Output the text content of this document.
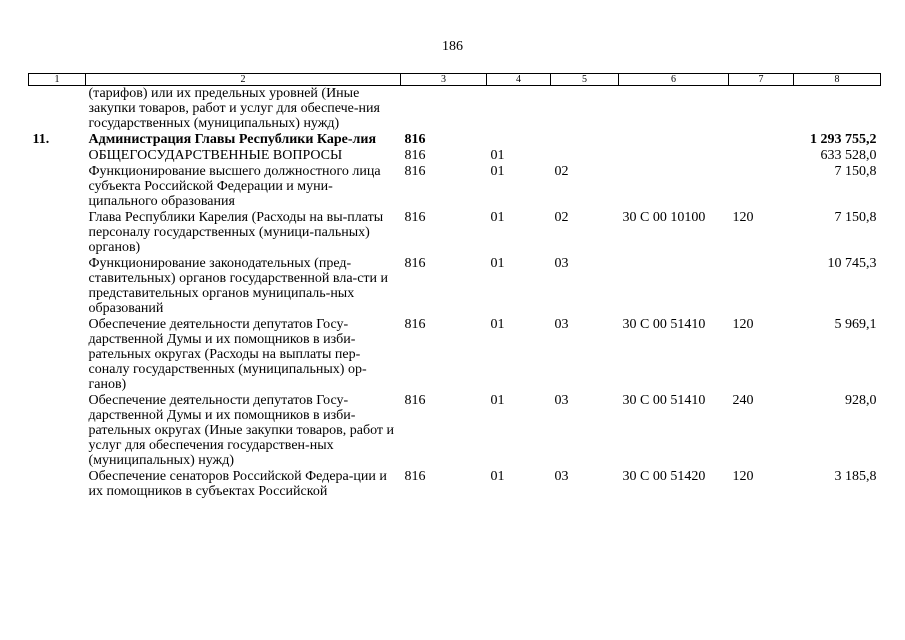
186
1	2	3	4	5	6	7	8
	(тарифов) или их предельных уровней (Иные закупки товаров, работ и услуг для обеспече-ния государственных (муниципальных) нужд)						
11.	Администрация Главы Республики Каре-лия	816					1 293 755,2
	ОБЩЕГОСУДАРСТВЕННЫЕ ВОПРОСЫ	816	01				633 528,0
	Функционирование высшего должностного лица субъекта Российской Федерации и муни-ципального образования	816	01	02			7 150,8
	Глава Республики Карелия (Расходы на вы-платы персоналу государственных (муници-пальных) органов)	816	01	02	30 С 00 10100	120	7 150,8
	Функционирование законодательных (пред-ставительных) органов государственной вла-сти и представительных органов муниципаль-ных образований	816	01	03			10 745,3
	Обеспечение деятельности депутатов Госу-дарственной Думы и их помощников в изби-рательных округах (Расходы на выплаты пер-соналу государственных (муниципальных) ор-ганов)	816	01	03	30 С 00 51410	120	5 969,1
	Обеспечение деятельности депутатов Госу-дарственной Думы и их помощников в изби-рательных округах (Иные закупки товаров, работ и услуг для обеспечения государствен-ных (муниципальных) нужд)	816	01	03	30 С 00 51410	240	928,0
	Обеспечение сенаторов Российской Федера-ции и их помощников в субъектах Российской	816	01	03	30 С 00 51420	120	3 185,8
